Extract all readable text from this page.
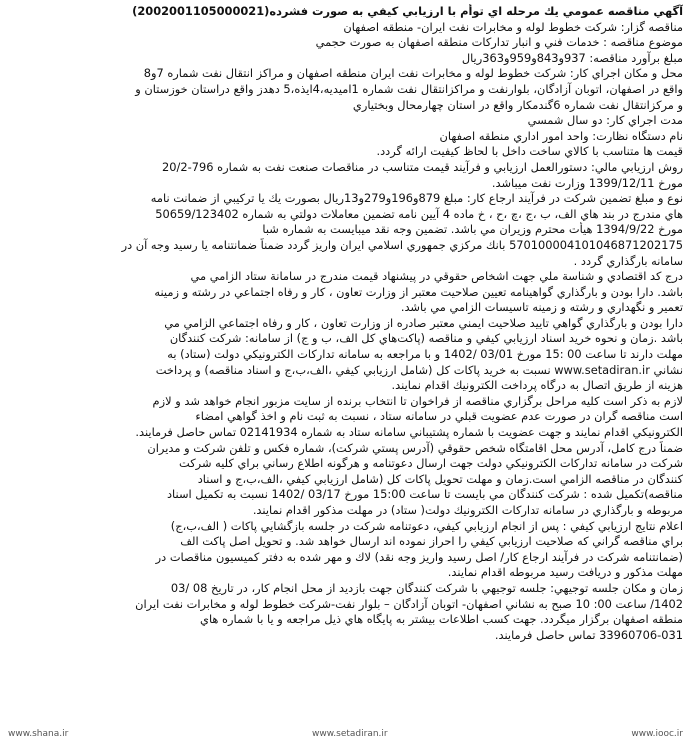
آگهي مناقصه عمومي يك مرحله اي توأم با ارزيابي كيفي به صورت فشرده(2002001105000021)
مناقصه گزار: شركت خطوط لوله و مخابرات نفت ايران- منطقه اصفهان
موضوع مناقصه : خدمات فني و انبار تداركات منطقه اصفهان به صورت حجمي
مبلغ برآورد مناقصه: 937و843و959و363ريال
محل و مكان اجراي كار: شركت خطوط لوله و مخابرات نفت ايران منطقه اصفهان و مراكز انتقال نفت شماره 7و8
واقع در اصفهان، اتوبان آزادگان، بلوارنفت و مراكزانتقال نفت شماره 1اميديه،4ايذه،5 دهدز واقع دراستان خوزستان و
و مركزانتقال نفت شماره 6گندمكار واقع در استان چهارمحال وبختياري
مدت اجراي كار: دو سال شمسي
نام دستگاه نظارت: واحد امور اداري منطقه اصفهان
قيمت ها متناسب با كالاي ساخت داخل با لحاظ كيفيت ارائه گردد.
روش ارزيابي مالي: دستورالعمل ارزيابي و فرآيند قيمت متناسب در مناقصات صنعت نفت به شماره 796-20/2
مورخ 1399/12/11 وزارت نفت ميباشد.
نوع و مبلغ تضمين شركت در فرآيند ارجاع كار: مبلغ 879و196و279و13ريال بصورت يك يا تركيبي از ضمانت نامه
هاي مندرج در بند هاي الف، ب ،ج ،چ ،ح ، خ ماده 4 آيين نامه تضمين معاملات دولتي به شماره 50659/123402
مورخ 1394/9/22 هيأت محترم وزيران مي باشد. تضمين وجه نقد ميبايست به شماره شبا
570100004101046871202175 بانك مركزي جمهوري اسلامي ايران واريز گردد ضمناً ضمانتنامه يا رسيد وجه آن در
سامانه بارگذاري گردد .
درج كد اقتصادي و شناسة ملي جهت اشخاص حقوقي در پيشنهاد قيمت مندرج در سامانة ستاد الزامي مي
باشد. دارا بودن و بارگذاري گواهينامه تعيين صلاحيت معتبر از وزارت تعاون ، كار و رفاه اجتماعي در رشته و زمينه
تعمير و نگهداري و رشته و زمينه تاسيسات الزامي مي باشد.
دارا بودن و بارگذاري گواهي تاييد صلاحيت ايمني معتبر صادره از وزارت تعاون ، كار و رفاه اجتماعي الزامي مي
باشد .زمان و نحوه خريد اسناد ارزيابي كيفي و مناقصه (پاكت‌هاي كل الف، ب و ج) از سامانه: شركت كنندگان
مهلت دارند تا ساعت 00 :15 مورخ 03/01 /1402 و با مراجعه به سامانه تداركات الكترونيكي دولت (ستاد) به
نشاني www.setadiran.ir نسبت به خريد پاكات كل (شامل ارزيابي كيفي ،الف،ب،ج و اسناد مناقصه) و پرداخت
هزينه از طريق اتصال به درگاه پرداخت الكترونيك اقدام نمايند.
لازم به ذكر است كليه مراحل برگزاري مناقصه از فراخوان تا انتخاب برنده از سايت مزبور انجام خواهد شد و لازم
است مناقصه گران در صورت عدم عضويت قبلي در سامانه ستاد ، نسبت به ثبت نام و اخذ گواهي امضاء
الكترونيكي اقدام نمايند و جهت عضويت با شماره پشتيباني سامانه ستاد به شماره 02141934 تماس حاصل فرمايند.
ضمناً درج كامل، آدرس محل اقامتگاه شخص حقوقي (آدرس پستي شركت)، شماره فكس و تلفن شركت و مديران
شركت در سامانه تداركات الكترونيكي دولت جهت ارسال دعوتنامه و هرگونه اطلاع رساني براي كليه شركت
كنندگان در مناقصه الزامي است.زمان و مهلت تحويل پاكات كل (شامل ارزيابي كيفي ،الف،ب،ج و اسناد
مناقصه)تكميل شده : شركت كنندگان مي بايست تا ساعت 15:00 مورخ 03/17 /1402 نسبت به تكميل اسناد
مربوطه و بارگذاري در سامانه تداركات الكترونيك دولت( ستاد) در مهلت مذكور اقدام نمايند.
اعلام نتايج ارزيابي كيفي : پس از انجام ارزيابي كيفي، دعوتنامه شركت در جلسه بازگشايي پاكات ( الف،ب،ج)
براي مناقصه گراني كه صلاحيت ارزيابي كيفي را احراز نموده اند ارسال خواهد شد. و تحويل اصل پاكت الف
(ضمانتنامه شركت در فرآيند ارجاع كار/ اصل رسيد واريز وجه نقد) لاك و مهر شده به دفتر كميسيون مناقصات در
مهلت مذكور و دريافت رسيد مربوطه اقدام نمايند.
زمان و مكان جلسه توجيهي: جلسه توجيهي با شركت كنندگان جهت بازديد از محل انجام كار، در تاريخ 08 /03
1402/ ساعت 00: 10 صبح به نشاني اصفهان- اتوبان آزادگان – بلوار نفت-شركت خطوط لوله و مخابرات نفت ايران
منطقه اصفهان برگزار ميگردد. جهت كسب اطلاعات بيشتر به پايگاه هاي ذيل مراجعه و يا با شماره هاي
33960706-031 تماس حاصل فرمايند.
www.shana.ir	www.setadiran.ir	www.iooc.ir
